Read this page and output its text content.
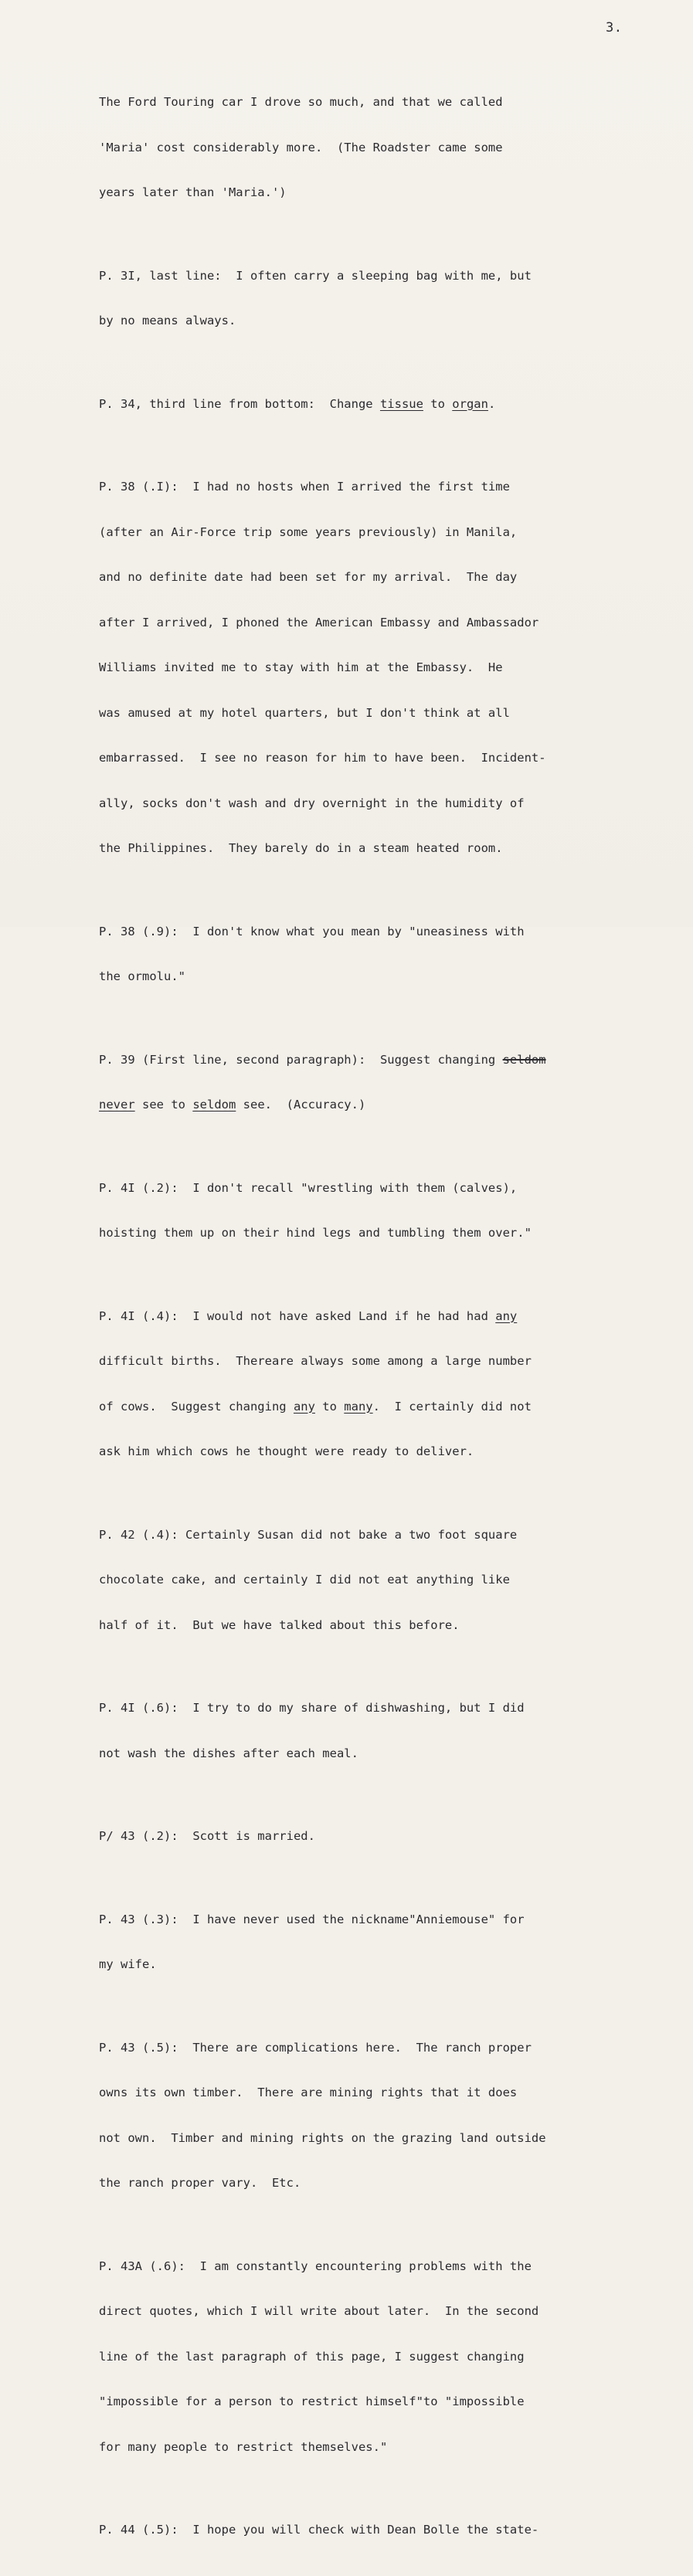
3.

The Ford Touring car I drove so much, and that we called

'Maria' cost considerably more.  (The Roadster came some

years later than 'Maria.')

P. 3I, last line:  I often carry a sleeping bag with me, but

by no means always.

P. 34, third line from bottom:  Change tissue to organ.

P. 38 (.I):  I had no hosts when I arrived the first time

(after an Air-Force trip some years previously) in Manila,

and no definite date had been set for my arrival.  The day

after I arrived, I phoned the American Embassy and Ambassador

Williams invited me to stay with him at the Embassy.  He

was amused at my hotel quarters, but I don't think at all

embarrassed.  I see no reason for him to have been.  Incident-

ally, socks don't wash and dry overnight in the humidity of

the Philippines.  They barely do in a steam heated room.

P. 38 (.9):  I don't know what you mean by "uneasiness with

the ormolu."

P. 39 (First line, second paragraph):  Suggest changing seldom

never see to seldom see.  (Accuracy.)

P. 4I (.2):  I don't recall "wrestling with them (calves),

hoisting them up on their hind legs and tumbling them over."

P. 4I (.4):  I would not have asked Land if he had had any

difficult births.  Thereare always some among a large number

of cows.  Suggest changing any to many.  I certainly did not

ask him which cows he thought were ready to deliver.

P. 42 (.4): Certainly Susan did not bake a two foot square

chocolate cake, and certainly I did not eat anything like

half of it.  But we have talked about this before.

P. 4I (.6):  I try to do my share of dishwashing, but I did

not wash the dishes after each meal.

P/ 43 (.2):  Scott is married.

P. 43 (.3):  I have never used the nickname"Anniemouse" for

my wife.

P. 43 (.5):  There are complications here.  The ranch proper

owns its own timber.  There are mining rights that it does

not own.  Timber and mining rights on the grazing land outside

the ranch proper vary.  Etc.

P. 43A (.6):  I am constantly encountering problems with the

direct quotes, which I will write about later.  In the second

line of the last paragraph of this page, I suggest changing

"impossible for a person to restrict himself"to "impossible

for many people to restrict themselves."

P. 44 (.5):  I hope you will check with Dean Bolle the state-
